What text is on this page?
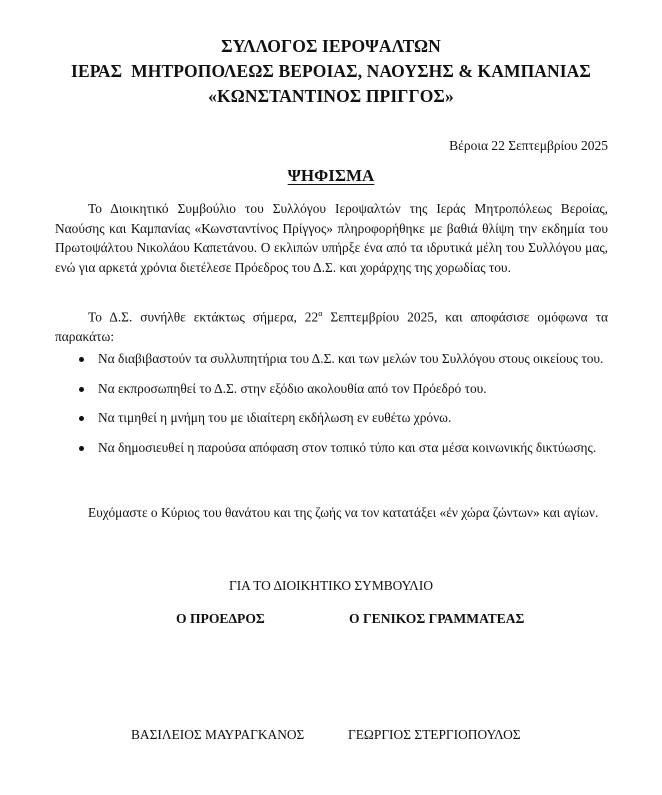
ΣΥΛΛΟΓΟΣ ΙΕΡΟΨΑΛΤΩΝ
ΙΕΡΑΣ  ΜΗΤΡΟΠΟΛΕΩΣ ΒΕΡΟΙΑΣ, ΝΑΟΥΣΗΣ & ΚΑΜΠΑΝΙΑΣ
«ΚΩΝΣΤΑΝΤΙΝΟΣ ΠΡΙΓΓΟΣ»
Βέροια 22 Σεπτεμβρίου 2025
ΨΗΦΙΣΜΑ
Το Διοικητικό Συμβούλιο του Συλλόγου Ιεροψαλτών της Ιεράς Μητροπόλεως Βεροίας, Ναούσης και Καμπανίας «Κωνσταντίνος Πρίγγος» πληροφορήθηκε με βαθιά θλίψη την εκδημία του Πρωτοψάλτου Νικολάου Καπετάνου. Ο εκλιπών υπήρξε ένα από τα ιδρυτικά μέλη του Συλλόγου μας, ενώ για αρκετά χρόνια διετέλεσε Πρόεδρος του Δ.Σ. και χοράρχης της χορωδίας του.
Το Δ.Σ. συνήλθε εκτάκτως σήμερα, $22^\alpha$ Σεπτεμβρίου 2025, και αποφάσισε ομόφωνα τα παρακάτω:
Να διαβιβαστούν τα συλλυπητήρια του Δ.Σ. και των μελών του Συλλόγου στους οικείους του.
Να εκπροσωπηθεί το Δ.Σ. στην εξόδιο ακολουθία από τον Πρόεδρό του.
Να τιμηθεί η μνήμη του με ιδιαίτερη εκδήλωση εν ευθέτω χρόνω.
Να δημοσιευθεί η παρούσα απόφαση στον τοπικό τύπο και στα μέσα κοινωνικής δικτύωσης.
Ευχόμαστε ο Κύριος του θανάτου και της ζωής να τον κατατάξει «ἐν χώρα ζώντων» και αγίων.
ΓΙΑ ΤΟ ΔΙΟΙΚΗΤΙΚΟ ΣΥΜΒΟΥΛΙΟ
Ο ΠΡΟΕΔΡΟΣ	Ο ΓΕΝΙΚΟΣ ΓΡΑΜΜΑΤΕΑΣ
ΒΑΣΙΛΕΙΟΣ ΜΑΥΡΑΓΚΑΝΟΣ	ΓΕΩΡΓΙΟΣ ΣΤΕΡΓΙΟΠΟΥΛΟΣ
